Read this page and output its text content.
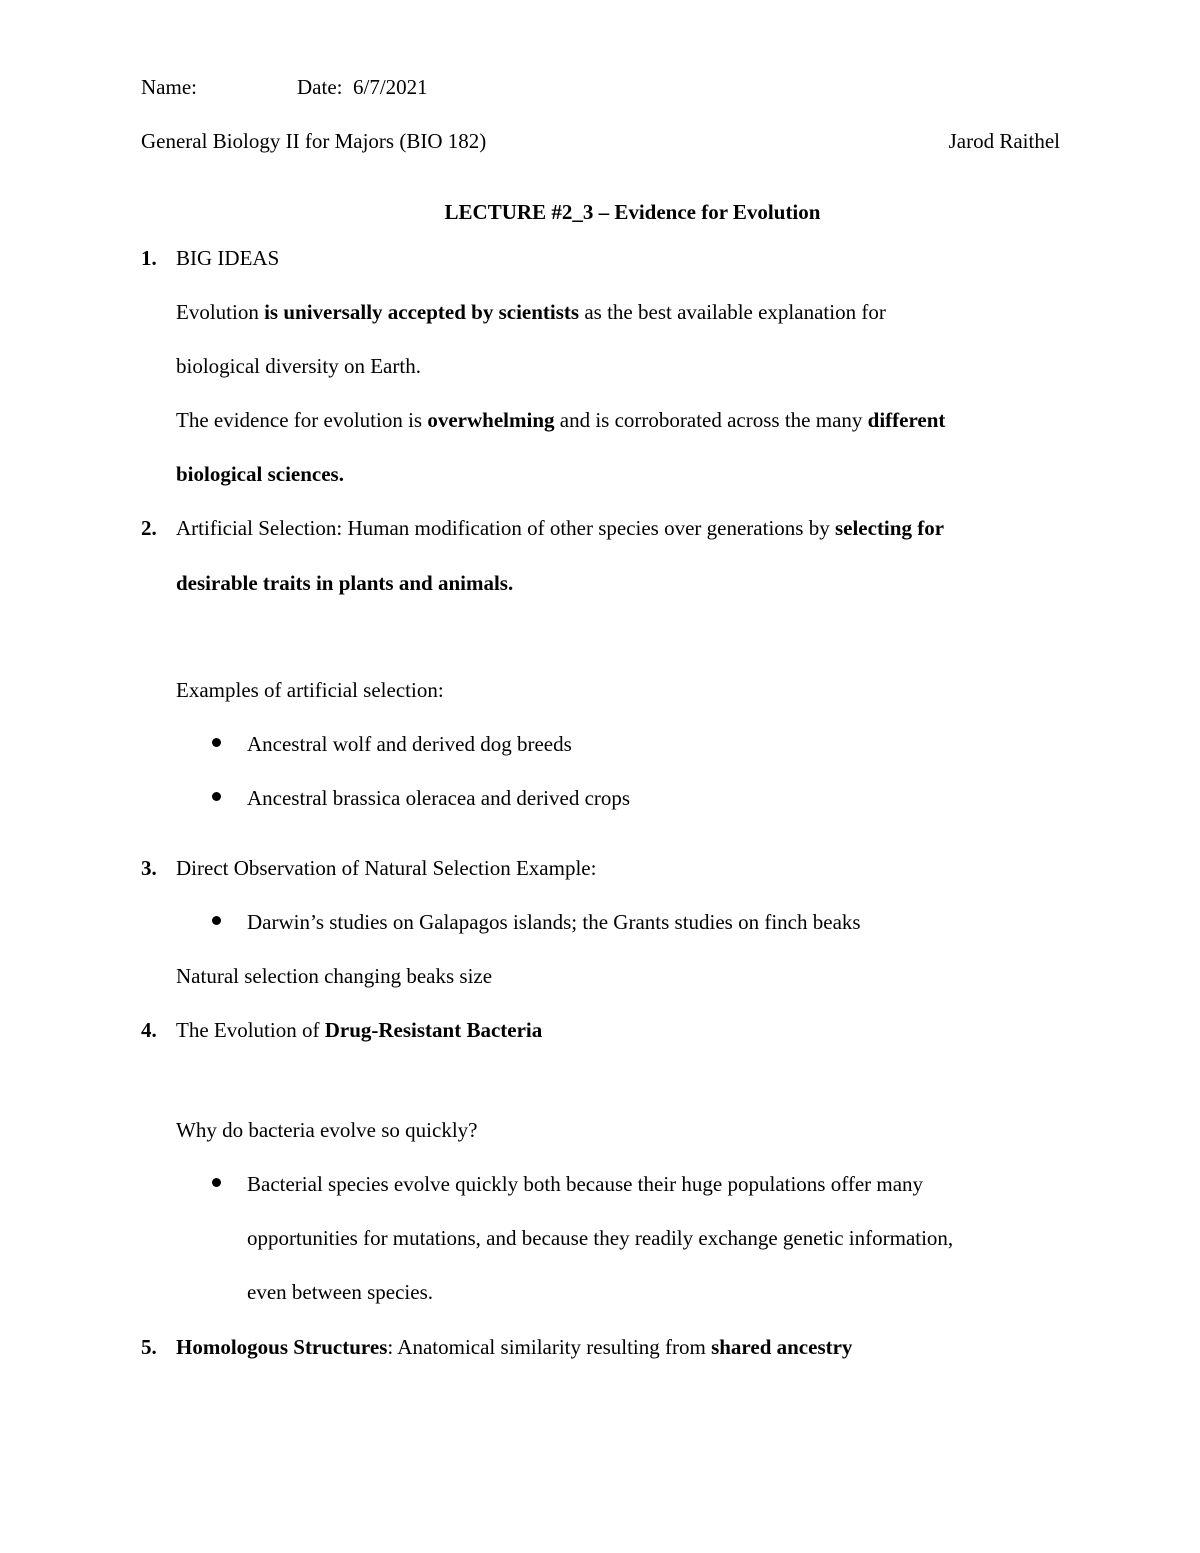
Name:	Date: 6/7/2021
General Biology II for Majors (BIO 182)	Jarod Raithel
LECTURE #2_3 – Evidence for Evolution
1. BIG IDEAS
Evolution is universally accepted by scientists as the best available explanation for
biological diversity on Earth.
The evidence for evolution is overwhelming and is corroborated across the many different
biological sciences.
2. Artificial Selection: Human modification of other species over generations by selecting for
desirable traits in plants and animals.
Examples of artificial selection:
Ancestral wolf and derived dog breeds
Ancestral brassica oleracea and derived crops
3. Direct Observation of Natural Selection Example:
Darwin’s studies on Galapagos islands; the Grants studies on finch beaks
Natural selection changing beaks size
4. The Evolution of Drug-Resistant Bacteria
Why do bacteria evolve so quickly?
Bacterial species evolve quickly both because their huge populations offer many
opportunities for mutations, and because they readily exchange genetic information,
even between species.
5. Homologous Structures: Anatomical similarity resulting from shared ancestry
